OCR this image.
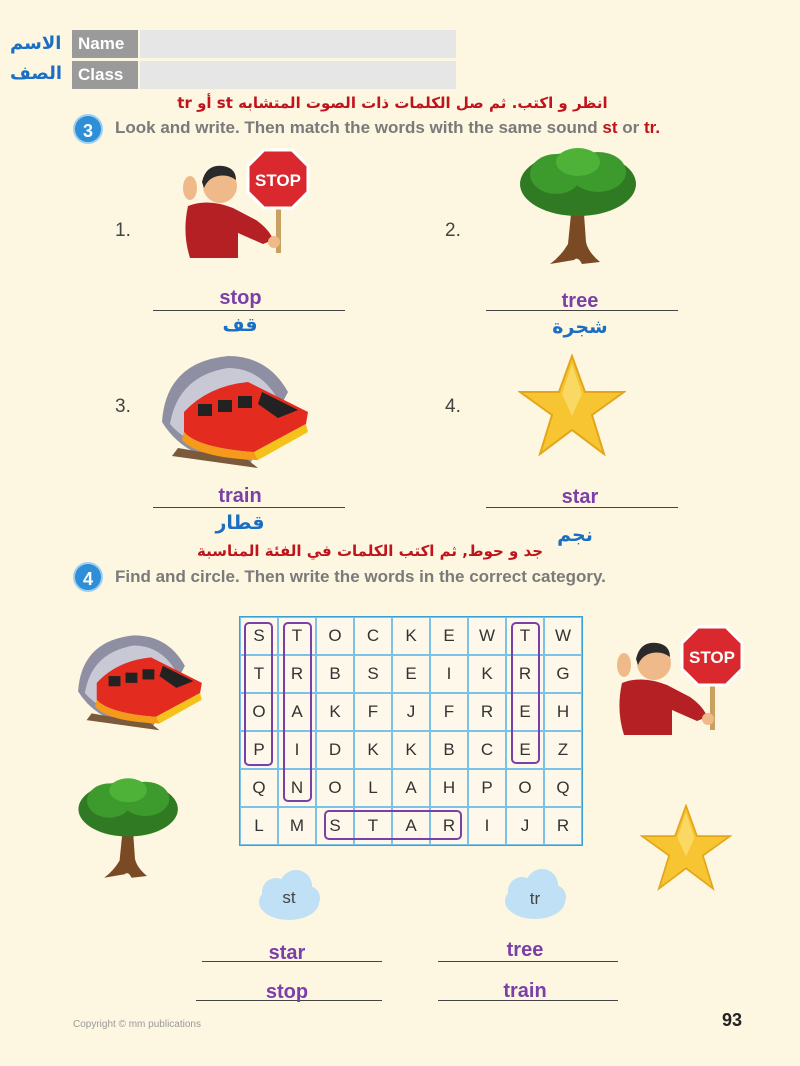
الاسم
الصف
Name
Class
انظر و اكتب. ثم صل الكلمات ذات الصوت المتشابه st أو tr
3	Look and write. Then match the words with the same sound st or tr.
1.
STOP
stop
قف
2.
tree
شجرة
3.
train
قطار
4.
star
نجم
جد و حوط, ثم اكتب الكلمات في الفئة المناسبة
4	Find and circle. Then write the words in the correct category.
STOP
S	T	O	C	K	E	W	T	W
T	R	B	S	E	I	K	R	G
O	A	K	F	J	F	R	E	H
P	I	D	K	K	B	C	E	Z
Q	N	O	L	A	H	P	O	Q
L	M	S	T	A	R	I	J	R
st	tr
star
stop
tree
train
Copyright © mm publications	93
